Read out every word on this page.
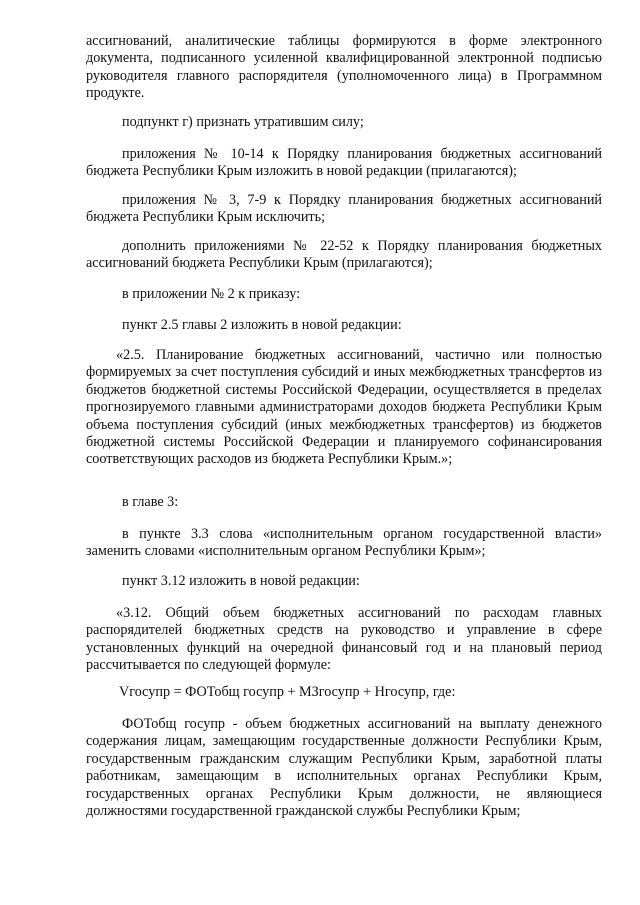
ассигнований, аналитические таблицы формируются в форме электронного документа, подписанного усиленной квалифицированной электронной подписью руководителя главного распорядителя (уполномоченного лица) в Программном продукте.

подпункт г) признать утратившим силу;

приложения № 10-14 к Порядку планирования бюджетных ассигнований бюджета Республики Крым изложить в новой редакции (прилагаются);

приложения № 3, 7-9 к Порядку планирования бюджетных ассигнований бюджета Республики Крым исключить;

дополнить приложениями № 22-52 к Порядку планирования бюджетных ассигнований бюджета Республики Крым (прилагаются);

в приложении № 2 к приказу:

пункт 2.5 главы 2 изложить в новой редакции:

«2.5. Планирование бюджетных ассигнований, частично или полностью формируемых за счет поступления субсидий и иных межбюджетных трансфертов из бюджетов бюджетной системы Российской Федерации, осуществляется в пределах прогнозируемого главными администраторами доходов бюджета Республики Крым объема поступления субсидий (иных межбюджетных трансфертов) из бюджетов бюджетной системы Российской Федерации и планируемого софинансирования соответствующих расходов из бюджета Республики Крым.»;

в главе 3:

в пункте 3.3 слова «исполнительным органом государственной власти» заменить словами «исполнительным органом Республики Крым»;

пункт 3.12 изложить в новой редакции:

«3.12. Общий объем бюджетных ассигнований по расходам главных распорядителей бюджетных средств на руководство и управление в сфере установленных функций на очередной финансовый год и на плановый период рассчитывается по следующей формуле:

Vгосупр = ФОТобщ госупр + МЗгосупр + Нгосупр, где:

ФОТобщ госупр - объем бюджетных ассигнований на выплату денежного содержания лицам, замещающим государственные должности Республики Крым, государственным гражданским служащим Республики Крым, заработной платы работникам, замещающим в исполнительных органах Республики Крым, государственных органах Республики Крым должности, не являющиеся должностями государственной гражданской службы Республики Крым;
